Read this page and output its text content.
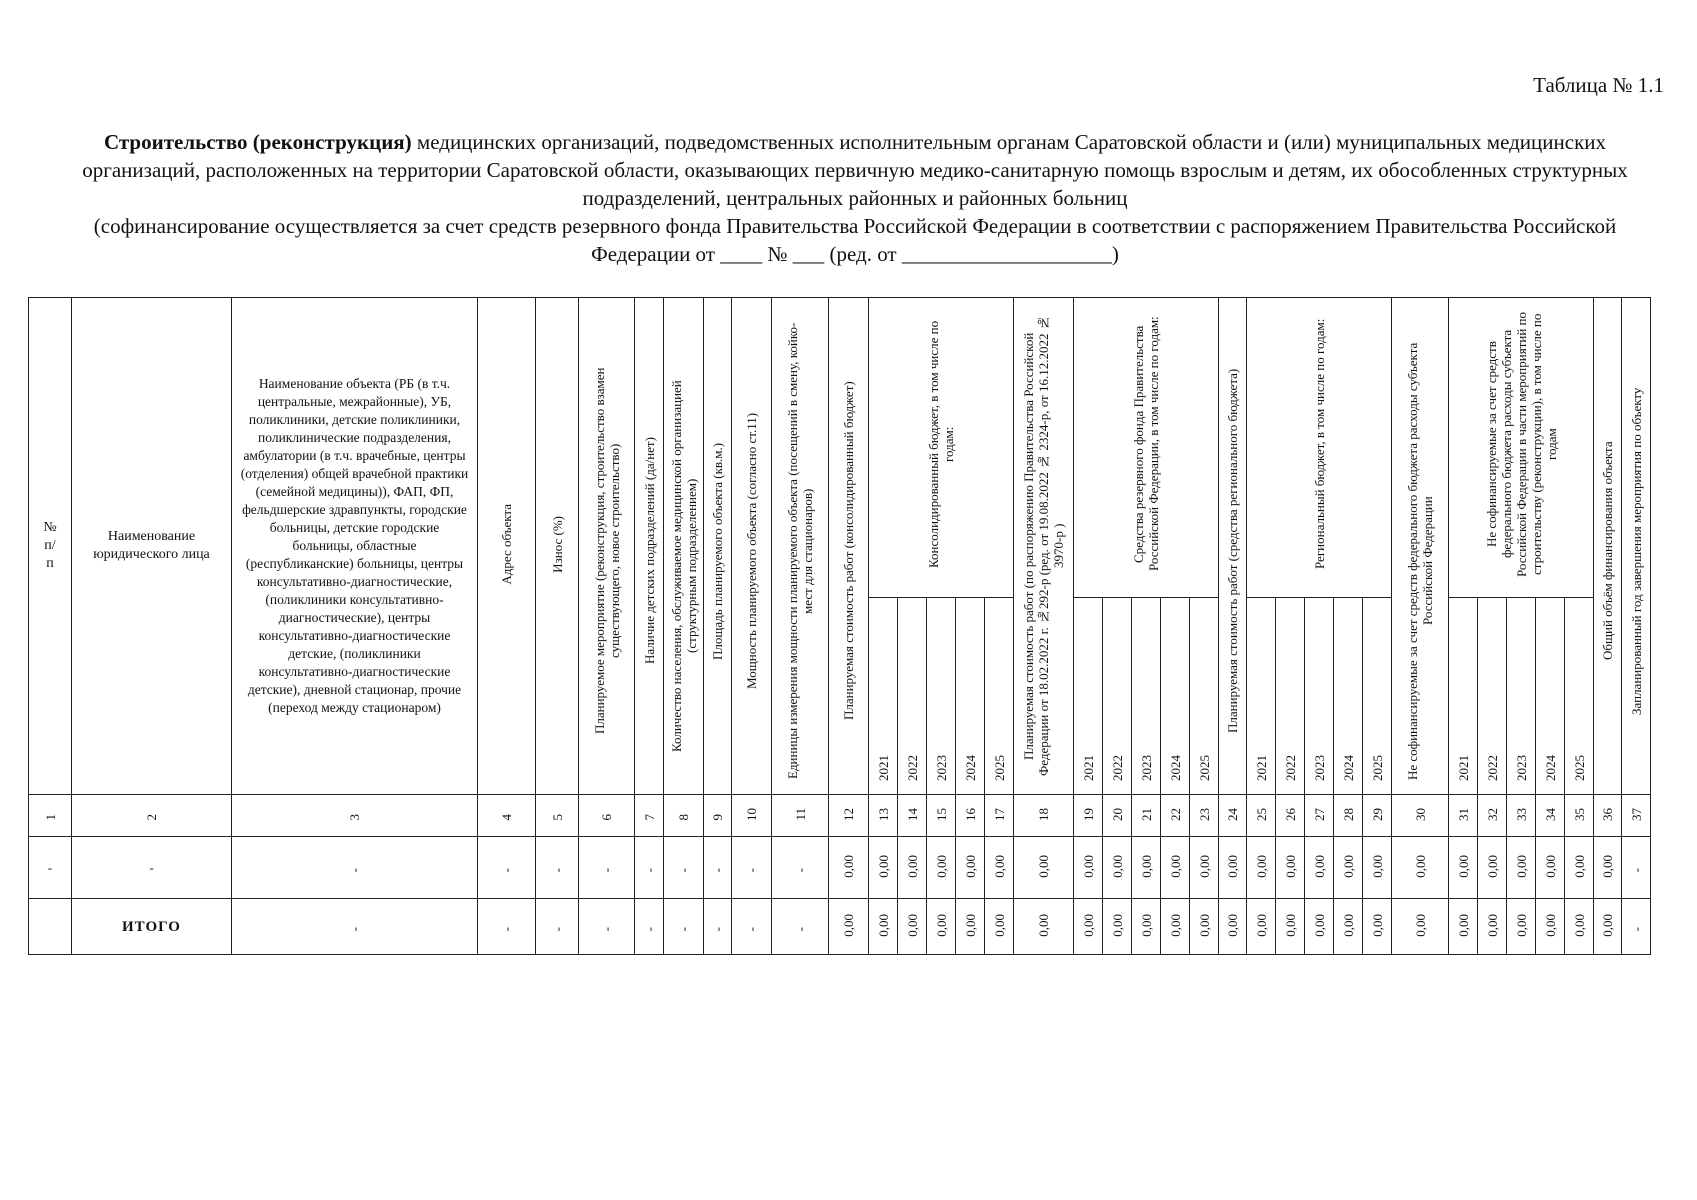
Таблица № 1.1
Строительство (реконструкция) медицинских организаций, подведомственных исполнительным органам Саратовской области и (или) муниципальных медицинских организаций, расположенных на территории Саратовской области, оказывающих первичную медико-санитарную помощь взрослым и детям, их обособленных структурных подразделений, центральных районных и районных больниц
(софинансирование осуществляется за счет средств резервного фонда Правительства Российской Федерации в соответствии с распоряжением Правительства Российской Федерации от ____ № ___ (ред. от ____________________)
№ п/п	Наименование юридического лица	Наименование объекта (РБ (в т.ч. центральные, межрайонные), УБ, поликлиники, детские поликлиники, поликлинические подразделения, амбулатории (в т.ч. врачебные, центры (отделения) общей врачебной практики (семейной медицины)), ФАП, ФП, фельдшерские здравпункты, городские больницы, детские городские больницы, областные (республиканские) больницы, центры консультативно-диагностические, (поликлиники консультативно-диагностические), центры консультативно-диагностические детские, (поликлиники консультативно-диагностические детские), дневной стационар, прочие (переход между стационаром)	Адрес объекта	Износ (%)	Планируемое мероприятие (реконструкция, строительство взамен существующего, новое строительство)	Наличие детских подразделений (да/нет)	Количество населения, обслуживаемое медицинской организацией (структурным подразделением)	Площадь планируемого объекта (кв.м.)	Мощность планируемого объекта (согласно ст.11)	Единицы измерения мощности планируемого объекта (посещений в смену, койко-мест для стационаров)	Планируемая стоимость работ (консолидированный бюджет)	Консолидированный бюджет, в том числе по годам:					Планируемая стоимость работ (по распоряжению Правительства Российской Федерации от 18.02.2022 г. №292-р (ред. от 19.08.2022 № 2324-р, от 16.12.2022 № 3970-р )	Средства резервного фонда Правительства Российской Федерации, в том числе по годам:					Планируемая стоимость работ (средства регионального бюджета)	Региональный бюджет, в том числе по годам:					Не софинансируемые за счет средств федерального бюджета расходы субъекта Российской Федерации	Не софинансируемые за счет средств федерального бюджета расходы субъекта Российской Федерации в части мероприятий по строительству (реконструкции), в том числе по годам					Общий объём финансирования объекта	Запланированный год завершения мероприятия по объекту
												2021	2022	2023	2024	2025		2021	2022	2023	2024	2025		2021	2022	2023	2024	2025		2021	2022	2023	2024	2025		
1	2	3	4	5	6	7	8	9	10	11	12	13	14	15	16	17	18	19	20	21	22	23	24	25	26	27	28	29	30	31	32	33	34	35	36	37
-	-	-	-	-	-	-	-	-	-	-	0,00	0,00	0,00	0,00	0,00	0,00	0,00	0,00	0,00	0,00	0,00	0,00	0,00	0,00	0,00	0,00	0,00	0,00	0,00	0,00	0,00	0,00	0,00	0,00	0,00	-
	ИТОГО	-	-	-	-	-	-	-	-	-	0,00	0,00	0,00	0,00	0,00	0,00	0,00	0,00	0,00	0,00	0,00	0,00	0,00	0,00	0,00	0,00	0,00	0,00	0,00	0,00	0,00	0,00	0,00	0,00	0,00	-
